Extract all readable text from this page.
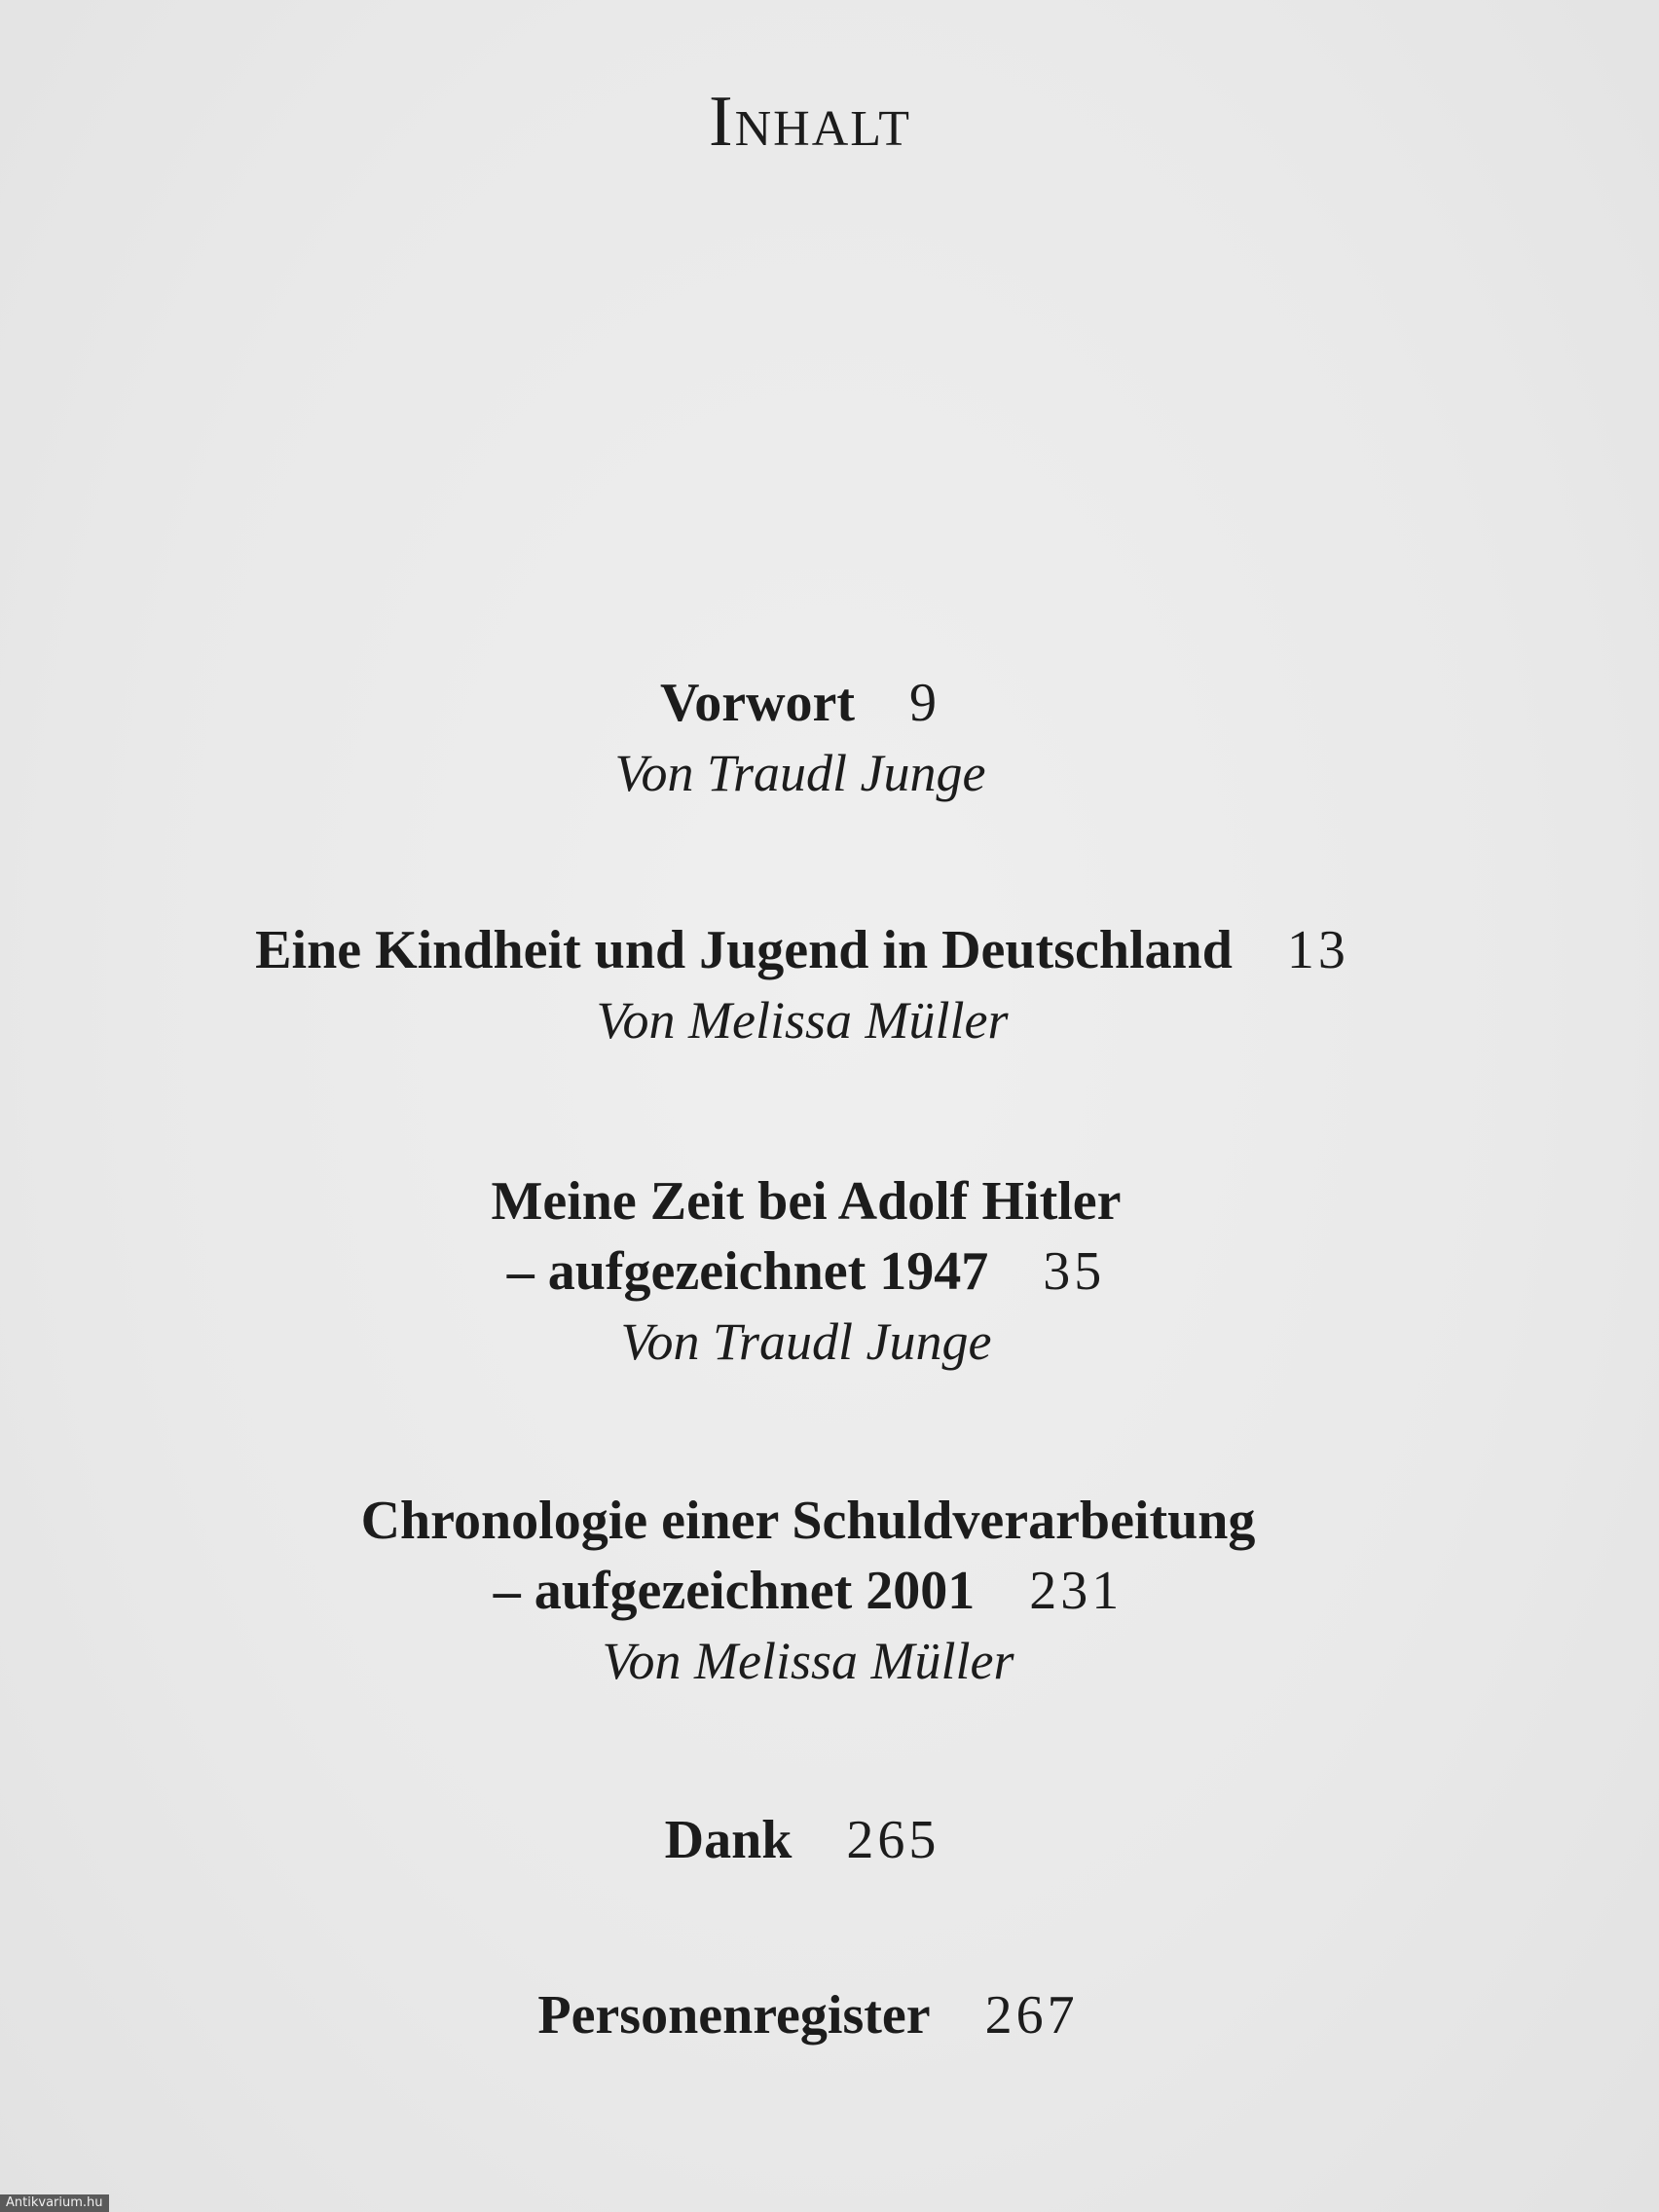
Inhalt
Vorwort 9
Von Traudl Junge
Eine Kindheit und Jugend in Deutschland 13
Von Melissa Müller
Meine Zeit bei Adolf Hitler
– aufgezeichnet 1947 35
Von Traudl Junge
Chronologie einer Schuldverarbeitung
– aufgezeichnet 2001 231
Von Melissa Müller
Dank 265
Personenregister 267
Antikvarium.hu
